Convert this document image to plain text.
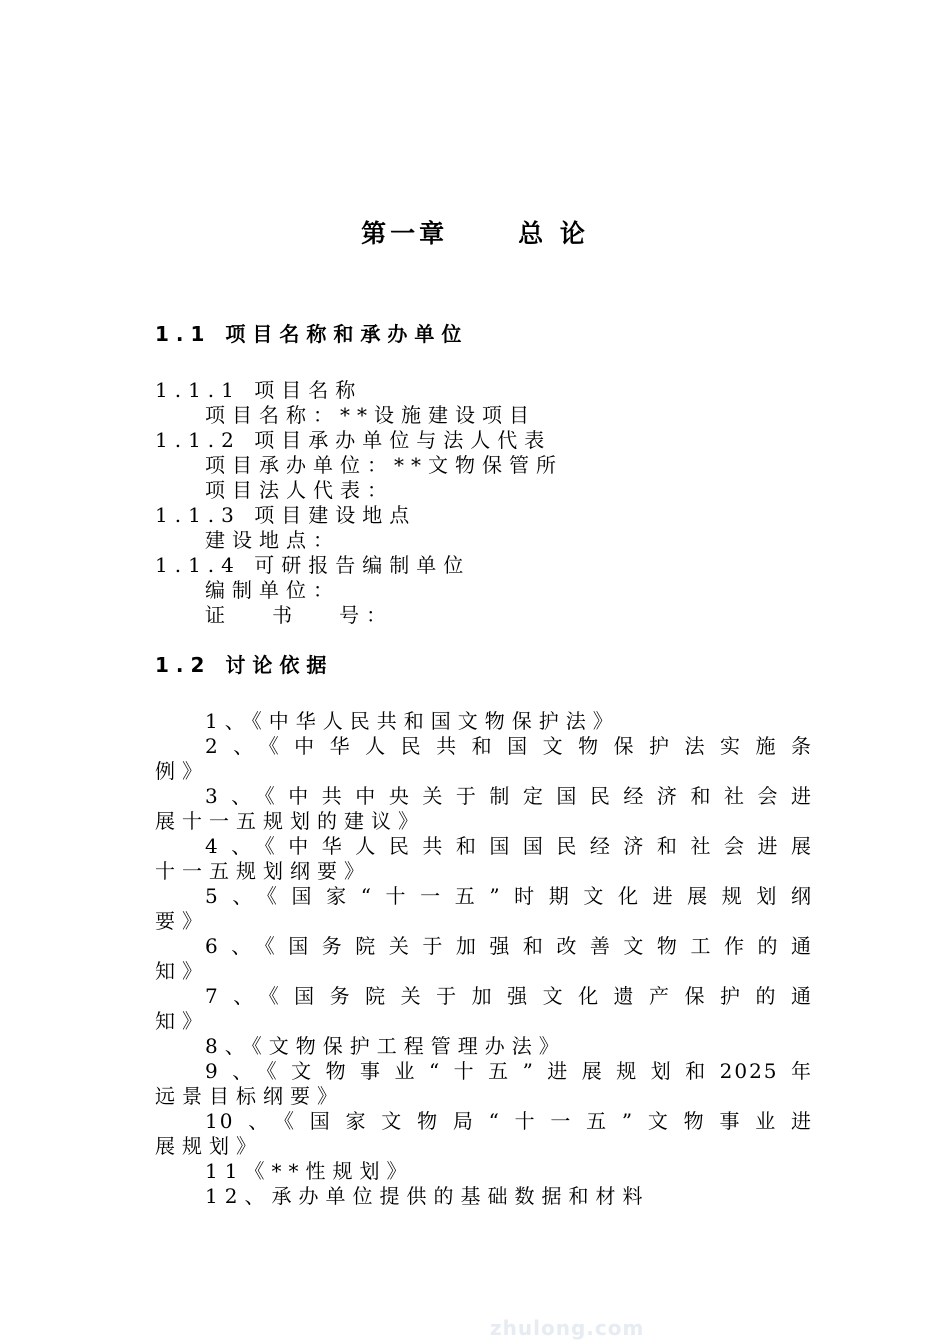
第一章	总 论
1.1 项目名称和承办单位
1.1.1 项目名称
项目名称：**设施建设项目
1.1.2 项目承办单位与法人代表
项目承办单位：**文物保管所
项目法人代表：
1.1.3 项目建设地点
建设地点：
1.1.4 可研报告编制单位
编制单位：
证   书   号：
1.2 讨论依据
1、《中华人民共和国文物保护法》
2、《中华人民共和国文物保护法实施条
例》
3、《中共中央关于制定国民经济和社会进
展十一五规划的建议》
4、《中华人民共和国国民经济和社会进展
十一五规划纲要》
5、《国家“十一五”时期文化进展规划纲
要》
6、《国务院关于加强和改善文物工作的通
知》
7、《国务院关于加强文化遗产保护的通
知》
8、《文物保护工程管理办法》
9、《文物事业“十五”进展规划和2025年
远景目标纲要》
10、《国家文物局“十一五”文物事业进
展规划》
11《**性规划》
12、承办单位提供的基础数据和材料
zhulong.com
